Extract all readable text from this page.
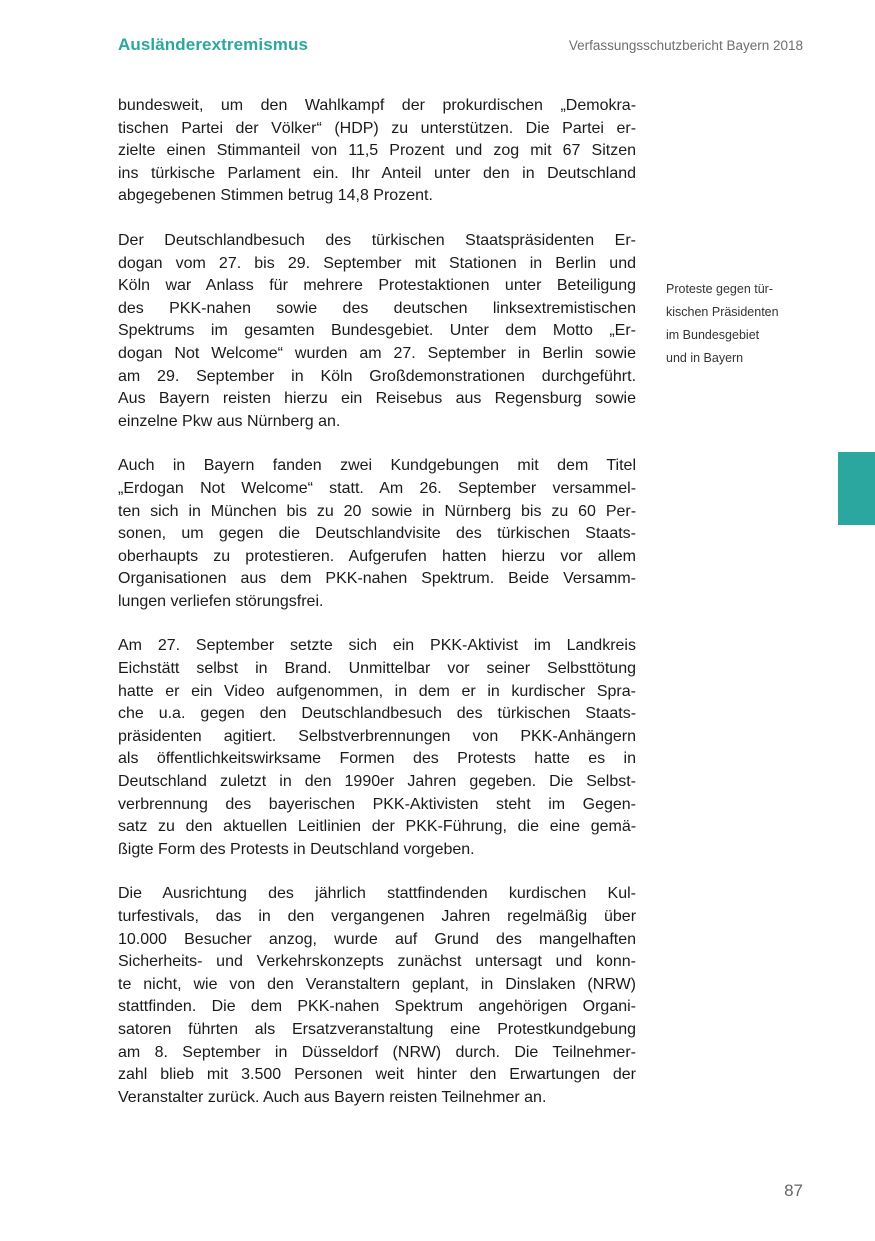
Ausländerextremismus	Verfassungsschutzbericht Bayern 2018

bundesweit, um den Wahlkampf der prokurdischen „Demokra-
tischen Partei der Völker“ (HDP) zu unterstützen. Die Partei er-
zielte einen Stimmanteil von 11,5 Prozent und zog mit 67 Sitzen
ins türkische Parlament ein. Ihr Anteil unter den in Deutschland
abgegebenen Stimmen betrug 14,8 Prozent.

Der Deutschlandbesuch des türkischen Staatspräsidenten Er-
dogan vom 27. bis 29. September mit Stationen in Berlin und
Köln war Anlass für mehrere Protestaktionen unter Beteiligung
des PKK-nahen sowie des deutschen linksextremistischen
Spektrums im gesamten Bundesgebiet. Unter dem Motto „Er-
dogan Not Welcome“ wurden am 27. September in Berlin sowie
am 29. September in Köln Großdemonstrationen durchgeführt.
Aus Bayern reisten hierzu ein Reisebus aus Regensburg sowie
einzelne Pkw aus Nürnberg an.

Auch in Bayern fanden zwei Kundgebungen mit dem Titel
„Erdogan Not Welcome“ statt. Am 26. September versammel-
ten sich in München bis zu 20 sowie in Nürnberg bis zu 60 Per-
sonen, um gegen die Deutschlandvisite des türkischen Staats-
oberhaupts zu protestieren. Aufgerufen hatten hierzu vor allem
Organisationen aus dem PKK-nahen Spektrum. Beide Versamm-
lungen verliefen störungsfrei.

Am 27. September setzte sich ein PKK-Aktivist im Landkreis
Eichstätt selbst in Brand. Unmittelbar vor seiner Selbsttötung
hatte er ein Video aufgenommen, in dem er in kurdischer Spra-
che u.a. gegen den Deutschlandbesuch des türkischen Staats-
präsidenten agitiert. Selbstverbrennungen von PKK-Anhängern
als öffentlichkeitswirksame Formen des Protests hatte es in
Deutschland zuletzt in den 1990er Jahren gegeben. Die Selbst-
verbrennung des bayerischen PKK-Aktivisten steht im Gegen-
satz zu den aktuellen Leitlinien der PKK-Führung, die eine gemä-
ßigte Form des Protests in Deutschland vorgeben.

Die Ausrichtung des jährlich stattfindenden kurdischen Kul-
turfestivals, das in den vergangenen Jahren regelmäßig über
10.000 Besucher anzog, wurde auf Grund des mangelhaften
Sicherheits- und Verkehrskonzepts zunächst untersagt und konn-
te nicht, wie von den Veranstaltern geplant, in Dinslaken (NRW)
stattfinden. Die dem PKK-nahen Spektrum angehörigen Organi-
satoren führten als Ersatzveranstaltung eine Protestkundgebung
am 8. September in Düsseldorf (NRW) durch. Die Teilnehmer-
zahl blieb mit 3.500 Personen weit hinter den Erwartungen der
Veranstalter zurück. Auch aus Bayern reisten Teilnehmer an.

Proteste gegen tür-
kischen Präsidenten
im Bundesgebiet
und in Bayern
87
